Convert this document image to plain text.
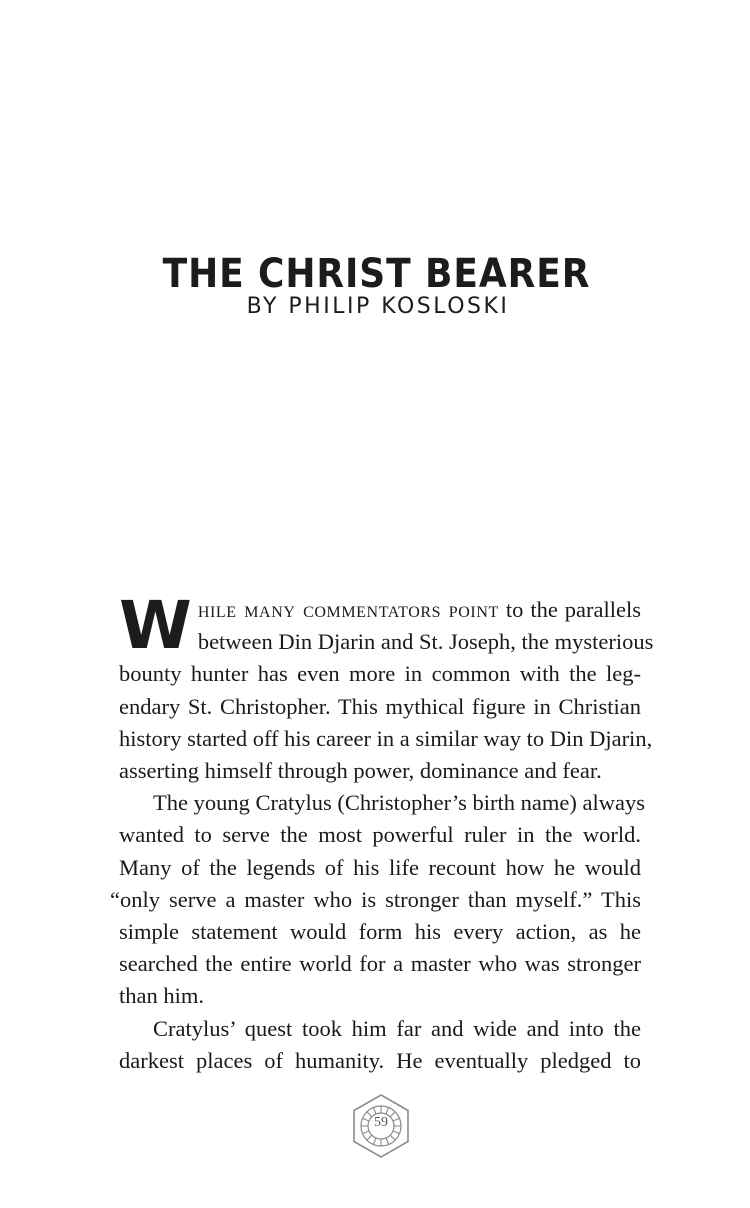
THE CHRIST BEARER
BY PHILIP KOSLOSKI

W hile many commentators point to the parallels
between Din Djarin and St. Joseph, the mysterious
bounty hunter has even more in common with the leg-
endary St. Christopher. This mythical figure in Christian
history started off his career in a similar way to Din Djarin,
asserting himself through power, dominance and fear.

The young Cratylus (Christopher’s birth name) always
wanted to serve the most powerful ruler in the world.
Many of the legends of his life recount how he would
“only serve a master who is stronger than myself.” This
simple statement would form his every action, as he
searched the entire world for a master who was stronger
than him.

Cratylus’ quest took him far and wide and into the
darkest places of humanity. He eventually pledged to

59
